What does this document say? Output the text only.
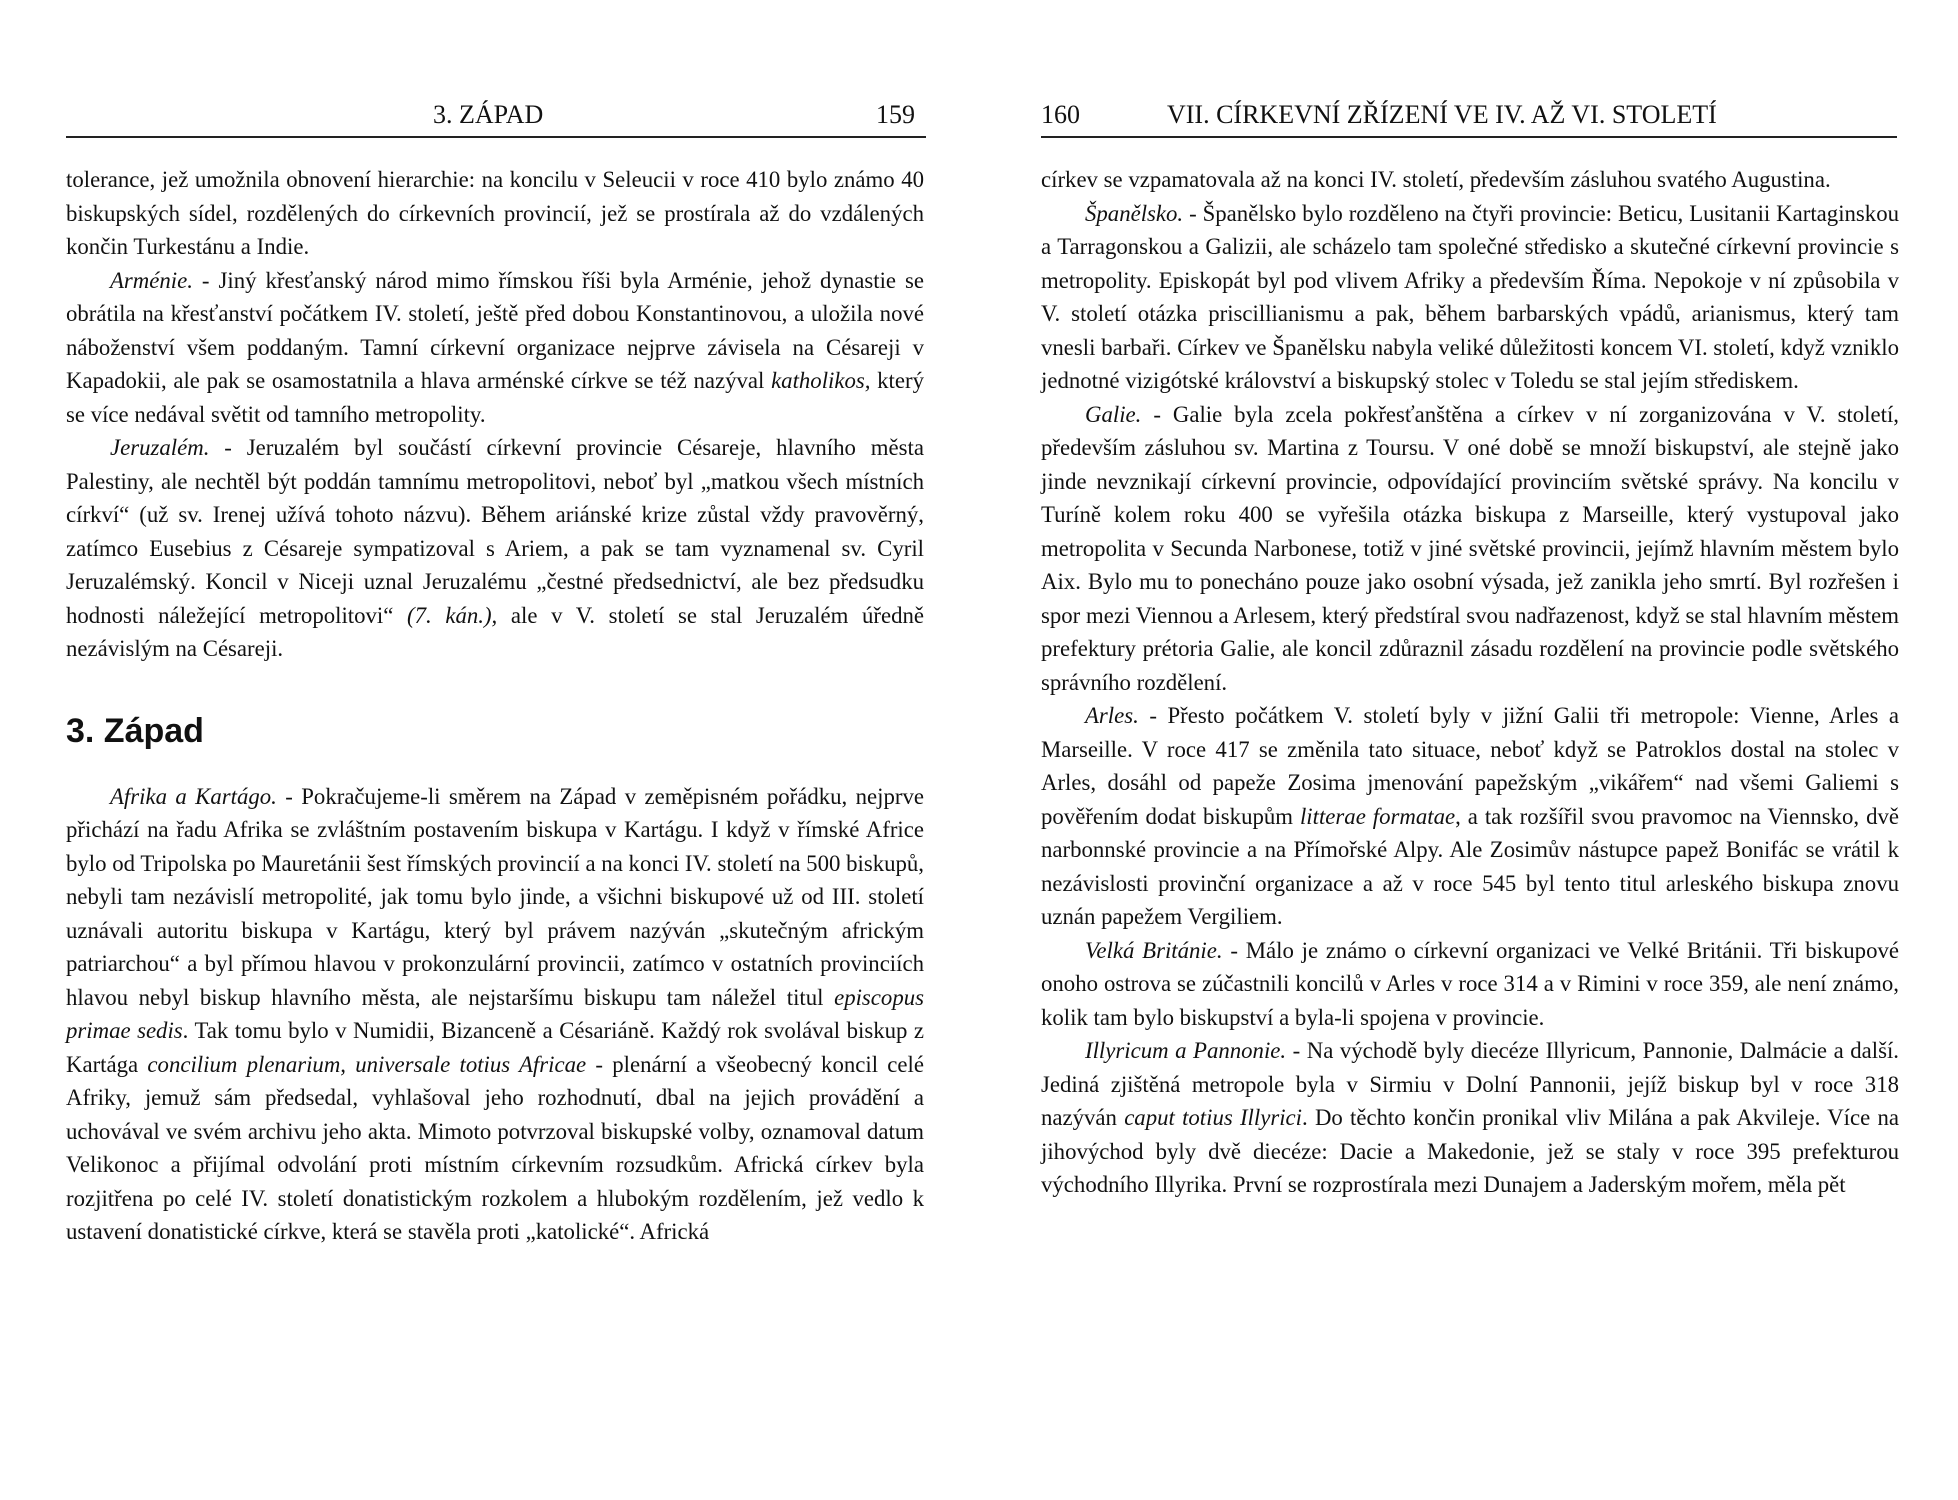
3. ZÁPAD	159

tolerance, jež umožnila obnovení hierarchie: na koncilu v Seleucii v roce 410 bylo známo 40 biskupských sídel, rozdělených do církevních provincií, jež se prostírala až do vzdálených končin Turkestánu a Indie.

Arménie. - Jiný křesťanský národ mimo římskou říši byla Arménie, jehož dynastie se obrátila na křesťanství počátkem IV. století, ještě před dobou Konstantinovou, a uložila nové náboženství všem poddaným. Tamní církevní organizace nejprve závisela na Césareji v Kapadokii, ale pak se osamostatnila a hlava arménské církve se též nazýval katholikos, který se více nedával světit od tamního metropolity.

Jeruzalém. - Jeruzalém byl součástí církevní provincie Césareje, hlavního města Palestiny, ale nechtěl být poddán tamnímu metropolitovi, neboť byl „matkou všech místních církví“ (už sv. Irenej užívá tohoto názvu). Během ariánské krize zůstal vždy pravověrný, zatímco Eusebius z Césareje sympatizoval s Ariem, a pak se tam vyznamenal sv. Cyril Jeruzalémský. Koncil v Niceji uznal Jeruzalému „čestné předsednictví, ale bez předsudku hodnosti náležející metropolitovi“ (7. kán.), ale v V. století se stal Jeruzalém úředně nezávislým na Césareji.

3. Západ

Afrika a Kartágo. - Pokračujeme-li směrem na Západ v zeměpisném pořádku, nejprve přichází na řadu Afrika se zvláštním postavením biskupa v Kartágu. I když v římské Africe bylo od Tripolska po Mauretánii šest římských provincií a na konci IV. století na 500 biskupů, nebyli tam nezávislí metropolité, jak tomu bylo jinde, a všichni biskupové už od III. století uznávali autoritu biskupa v Kartágu, který byl právem nazýván „skutečným africkým patriarchou“ a byl přímou hlavou v prokonzulární provincii, zatímco v ostatních provinciích hlavou nebyl biskup hlavního města, ale nejstaršímu biskupu tam náležel titul episcopus primae sedis. Tak tomu bylo v Numidii, Bizanceně a Césariáně. Každý rok svolával biskup z Kartága concilium plenarium, universale totius Africae - plenární a všeobecný koncil celé Afriky, jemuž sám předsedal, vyhlašoval jeho rozhodnutí, dbal na jejich provádění a uchovával ve svém archivu jeho akta. Mimoto potvrzoval biskupské volby, oznamoval datum Velikonoc a přijímal odvolání proti místním církevním rozsudkům. Africká církev byla rozjitřena po celé IV. století donatistickým rozkolem a hlubokým rozdělením, jež vedlo k ustavení donatistické církve, která se stavěla proti „katolické“. Africká

160	VII. CÍRKEVNÍ ZŘÍZENÍ VE IV. AŽ VI. STOLETÍ

církev se vzpamatovala až na konci IV. století, především zásluhou svatého Augustina.

Španělsko. - Španělsko bylo rozděleno na čtyři provincie: Beticu, Lusitanii Kartaginskou a Tarragonskou a Galizii, ale scházelo tam společné středisko a skutečné církevní provincie s metropolity. Episkopát byl pod vlivem Afriky a především Říma. Nepokoje v ní způsobila v V. století otázka priscillianismu a pak, během barbarských vpádů, arianismus, který tam vnesli barbaři. Církev ve Španělsku nabyla veliké důležitosti koncem VI. století, když vzniklo jednotné vizigótské království a biskupský stolec v Toledu se stal jejím střediskem.

Galie. - Galie byla zcela pokřesťanštěna a církev v ní zorganizována v V. století, především zásluhou sv. Martina z Toursu. V oné době se množí biskupství, ale stejně jako jinde nevznikají církevní provincie, odpovídající provinciím světské správy. Na koncilu v Turíně kolem roku 400 se vyřešila otázka biskupa z Marseille, který vystupoval jako metropolita v Secunda Narbonese, totiž v jiné světské provincii, jejímž hlavním městem bylo Aix. Bylo mu to ponecháno pouze jako osobní výsada, jež zanikla jeho smrtí. Byl rozřešen i spor mezi Viennou a Arlesem, který předstíral svou nadřazenost, když se stal hlavním městem prefektury prétoria Galie, ale koncil zdůraznil zásadu rozdělení na provincie podle světského správního rozdělení.

Arles. - Přesto počátkem V. století byly v jižní Galii tři metropole: Vienne, Arles a Marseille. V roce 417 se změnila tato situace, neboť když se Patroklos dostal na stolec v Arles, dosáhl od papeže Zosima jmenování papežským „vikářem“ nad všemi Galiemi s pověřením dodat biskupům litterae formatae, a tak rozšířil svou pravomoc na Viennsko, dvě narbonnské provincie a na Přímořské Alpy. Ale Zosimův nástupce papež Bonifác se vrátil k nezávislosti provinční organizace a až v roce 545 byl tento titul arleského biskupa znovu uznán papežem Vergiliem.

Velká Británie. - Málo je známo o církevní organizaci ve Velké Británii. Tři biskupové onoho ostrova se zúčastnili koncilů v Arles v roce 314 a v Rimini v roce 359, ale není známo, kolik tam bylo biskupství a byla-li spojena v provincie.

Illyricum a Pannonie. - Na východě byly diecéze Illyricum, Pannonie, Dalmácie a další. Jediná zjištěná metropole byla v Sirmiu v Dolní Pannonii, jejíž biskup byl v roce 318 nazýván caput totius Illyrici. Do těchto končin pronikal vliv Milána a pak Akvileje. Více na jihovýchod byly dvě diecéze: Dacie a Makedonie, jež se staly v roce 395 prefekturou východního Illyrika. První se rozprostírala mezi Dunajem a Jaderským mořem, měla pět
